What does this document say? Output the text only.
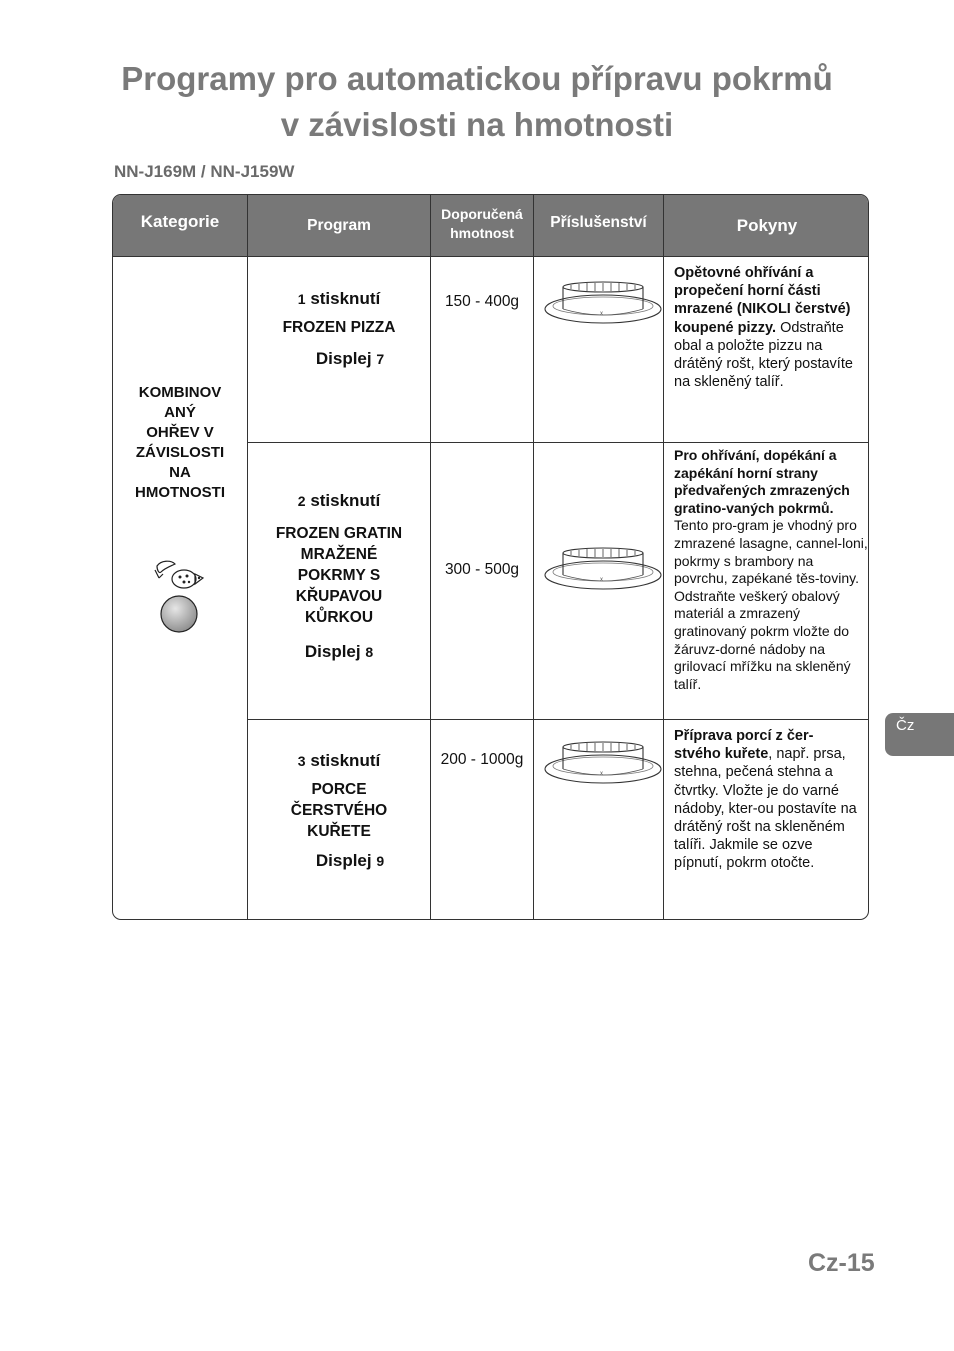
Programy pro automatickou přípravu pokrmů
v závislosti na hmotnosti
NN-J169M / NN-J159W
Kategorie	Program
Doporučená
hmotnost
Příslušenství	Pokyny
KOMBINOV
ANÝ
OHŘEV V
ZÁVISLOSTI
NA
HMOTNOSTI
1 stisknutí
FROZEN PIZZA
Displej 7
150 - 400g
2 stisknutí
FROZEN GRATIN
MRAŽENÉ
POKRMY S
KŘUPAVOU
KŮRKOU
Displej 8
300 - 500g
3 stisknutí
PORCE
ČERSTVÉHO
KUŘETE
Displej 9
200 - 1000g
x
x
x
Opětovné ohřívání a propečení horní části mrazené (NIKOLI čerstvé) koupené pizzy. Odstraňte obal a položte pizzu na drátěný rošt, který postavíte na skleněný talíř.
Pro ohřívání, dopékání a zapékání horní strany předvařených zmrazených gratino-vaných pokrmů. Tento pro-gram je vhodný pro zmrazené lasagne, cannel-loni, pokrmy s brambory na povrchu, zapékané těs-toviny. Odstraňte veškerý obalový materiál a zmrazený gratinovaný pokrm vložte do žáruvz-dorné nádoby na grilovací mřížku na skleněný talíř.
Příprava porcí z čer-stvého kuřete, např. prsa, stehna, pečená stehna a čtvrtky. Vložte je do varné nádoby, kter-ou postavíte na drátěný rošt na skleněném talíři. Jakmile se ozve pípnutí, pokrm otočte.
Čz
Cz-15
